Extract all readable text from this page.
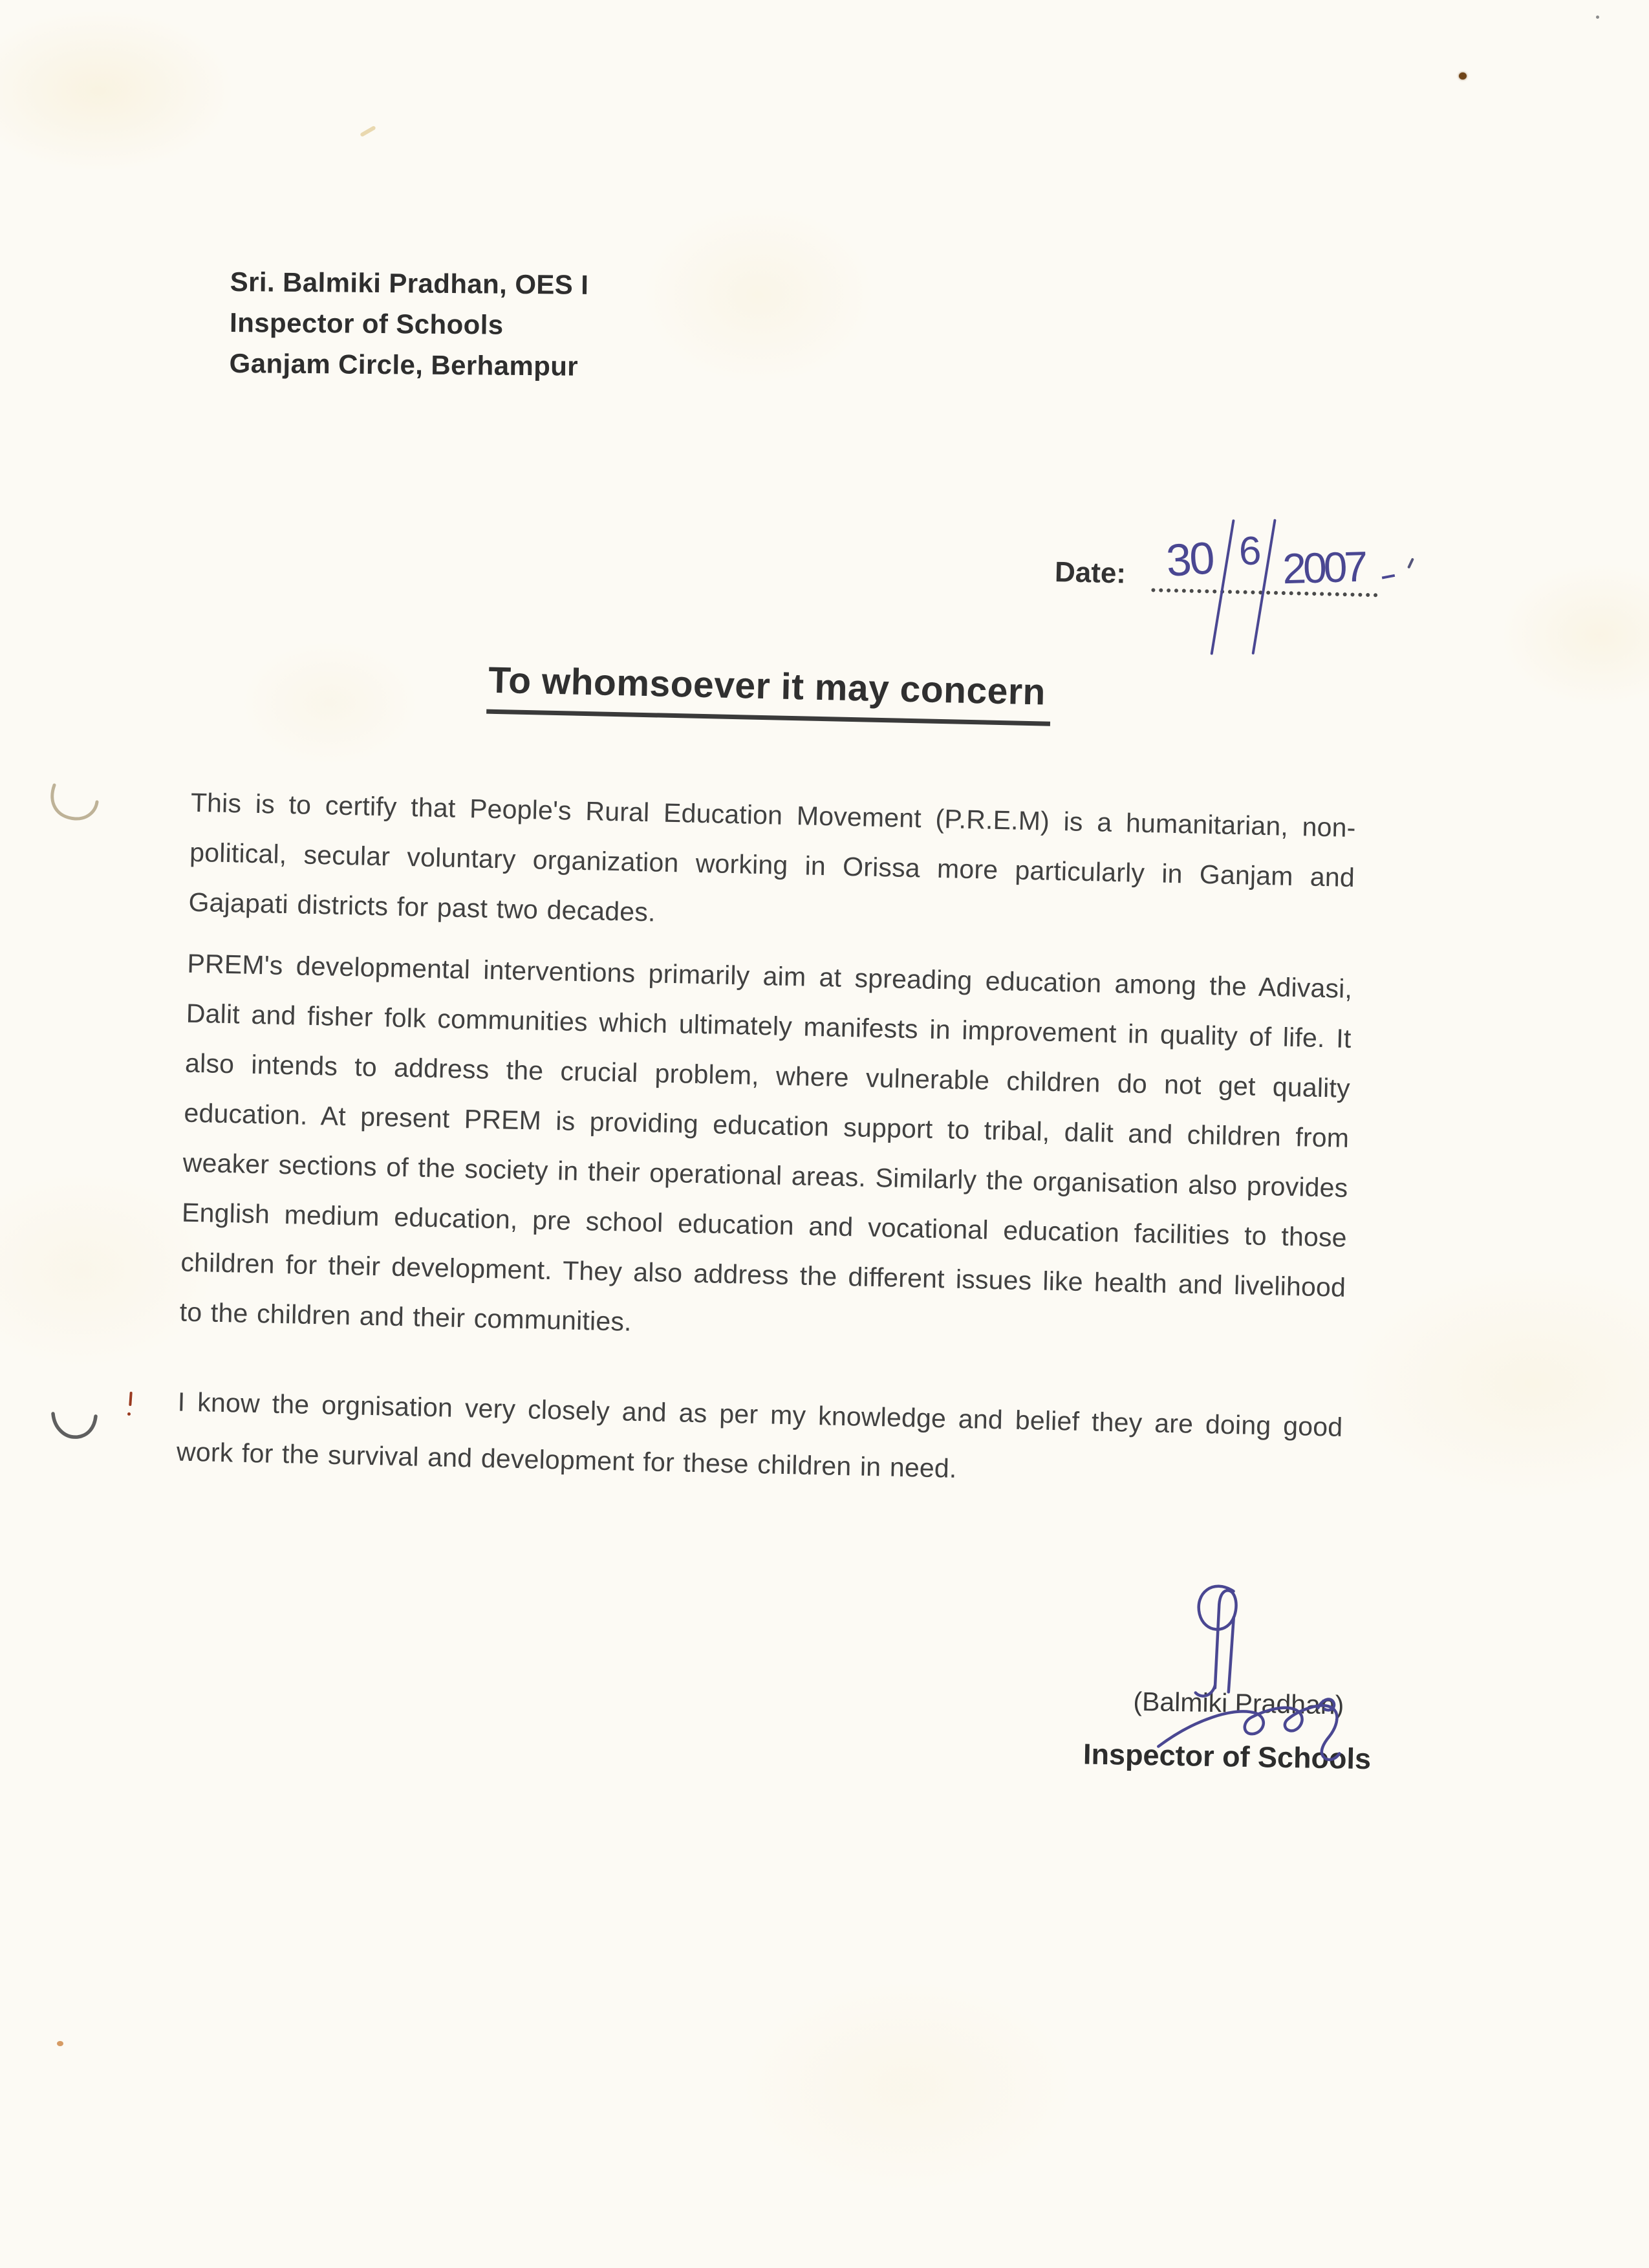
Sri. Balmiki Pradhan, OES I
Inspector of Schools
Ganjam Circle, Berhampur
Date: 30 6 2007
To whomsoever it may concern

This is to certify that People's Rural Education Movement (P.R.E.M) is a humanitarian, non-political, secular voluntary organization working in Orissa more particularly in Ganjam and Gajapati districts for past two decades.

PREM's developmental interventions primarily aim at spreading education among the Adivasi, Dalit and fisher folk communities which ultimately manifests in improvement in quality of life. It also intends to address the crucial problem, where vulnerable children do not get quality education. At present PREM is providing education support to tribal, dalit and children from weaker sections of the society in their operational areas. Similarly the organisation also provides English medium education, pre school education and vocational education facilities to those children for their development. They also address the different issues like health and livelihood to the children and their communities.

I know the orgnisation very closely and as per my knowledge and belief they are doing good work for the survival and development for these children in need.

(Balmiki Pradhan)
Inspector of Schools
